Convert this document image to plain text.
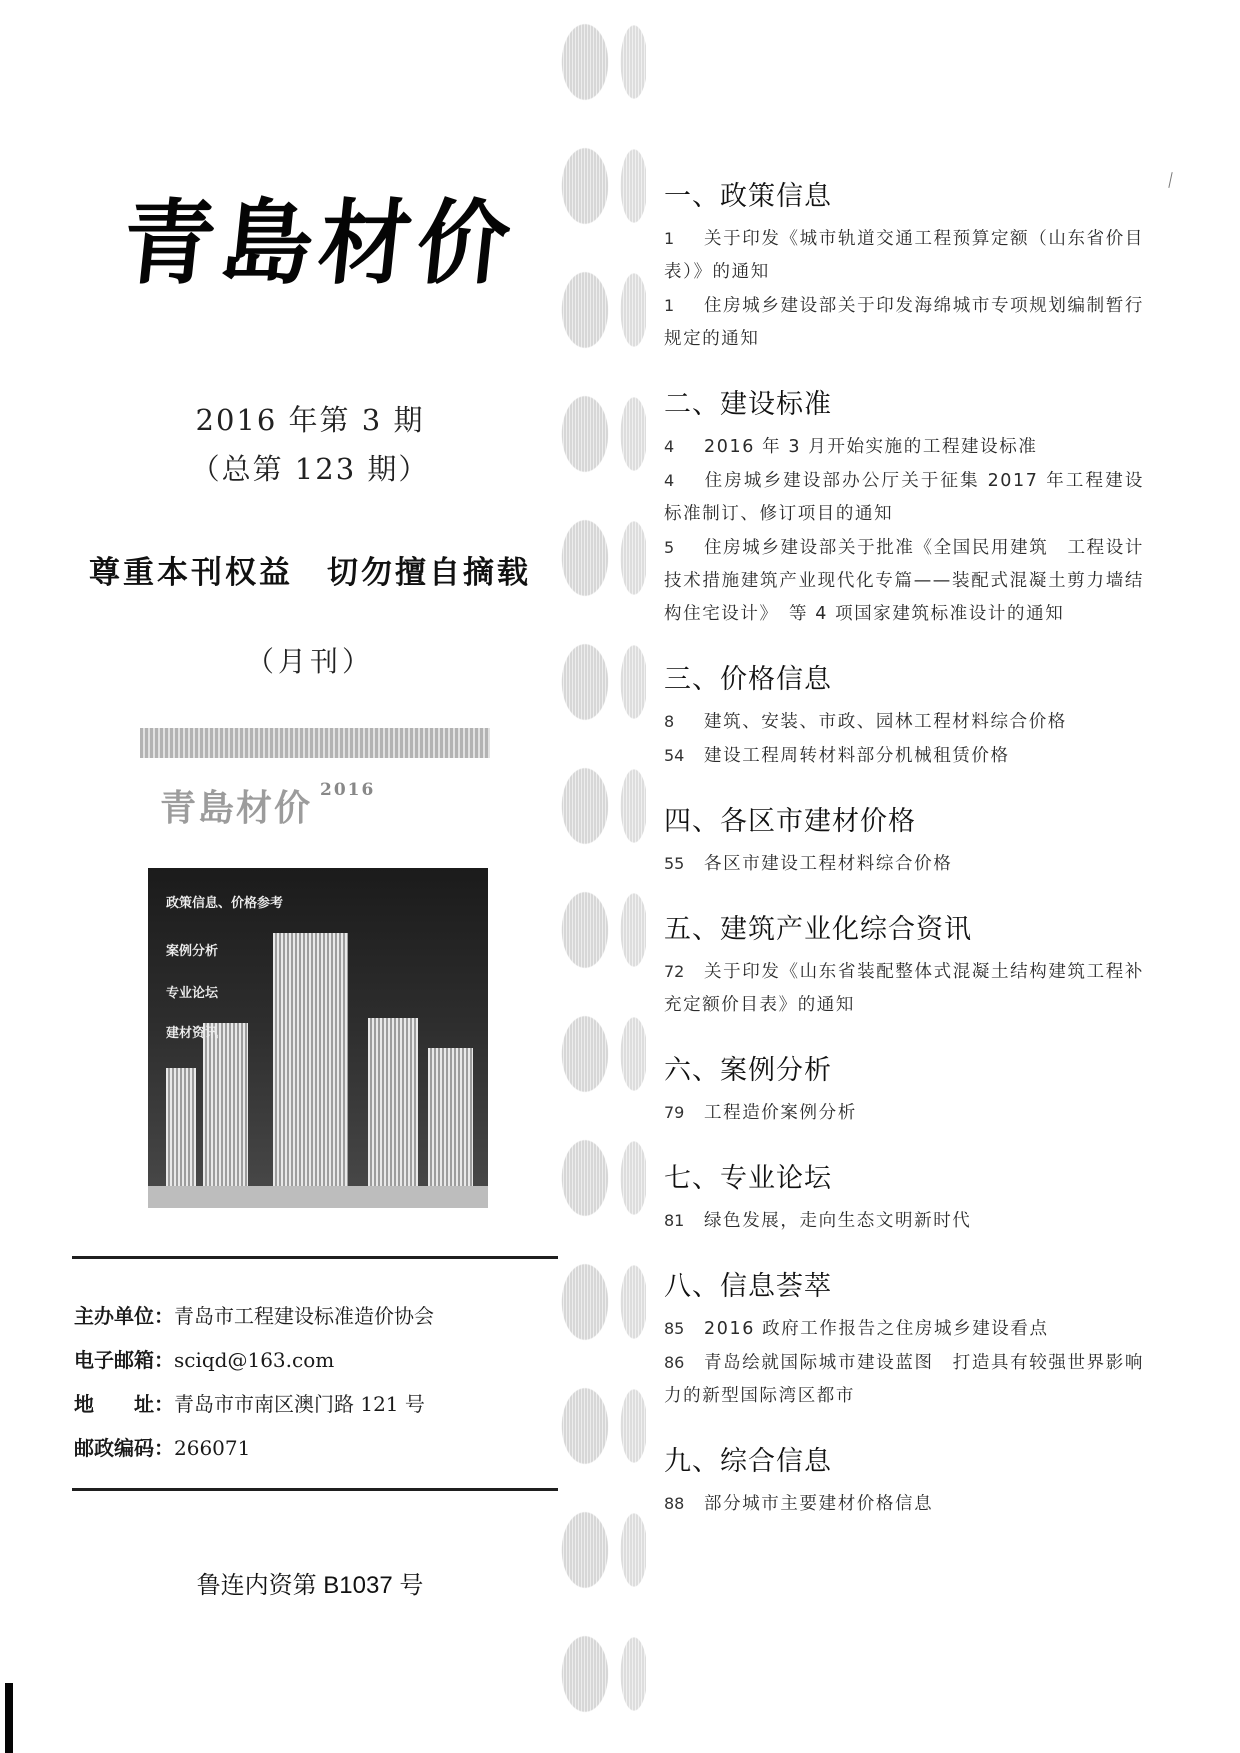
青島材价
2016 年第 3 期
（总第 123 期）
尊重本刊权益　切勿擅自摘载
（月刊）
青島材价 $^{2016}$
政策信息、价格参考
案例分析
专业论坛
建材资讯
主办单位：青岛市工程建设标准造价协会
电子邮箱：sciqd@163.com
地　　址：青岛市市南区澳门路 121 号
邮政编码：266071
鲁连内资第 B1037 号
一、政策信息
1 关于印发《城市轨道交通工程预算定额（山东省价目表）》的通知
1 住房城乡建设部关于印发海绵城市专项规划编制暂行规定的通知
二、建设标准
4 2016 年 3 月开始实施的工程建设标准
4 住房城乡建设部办公厅关于征集 2017 年工程建设标准制订、修订项目的通知
5 住房城乡建设部关于批准《全国民用建筑　工程设计技术措施建筑产业现代化专篇——装配式混凝土剪力墙结构住宅设计》　等 4 项国家建筑标准设计的通知
三、价格信息
8 建筑、安装、市政、园林工程材料综合价格
54 建设工程周转材料部分机械租赁价格
四、各区市建材价格
55 各区市建设工程材料综合价格
五、建筑产业化综合资讯
72 关于印发《山东省装配整体式混凝土结构建筑工程补充定额价目表》的通知
六、案例分析
79 工程造价案例分析
七、专业论坛
81 绿色发展，走向生态文明新时代
八、信息荟萃
85 2016 政府工作报告之住房城乡建设看点
86 青岛绘就国际城市建设蓝图　打造具有较强世界影响力的新型国际湾区都市
九、综合信息
88 部分城市主要建材价格信息
